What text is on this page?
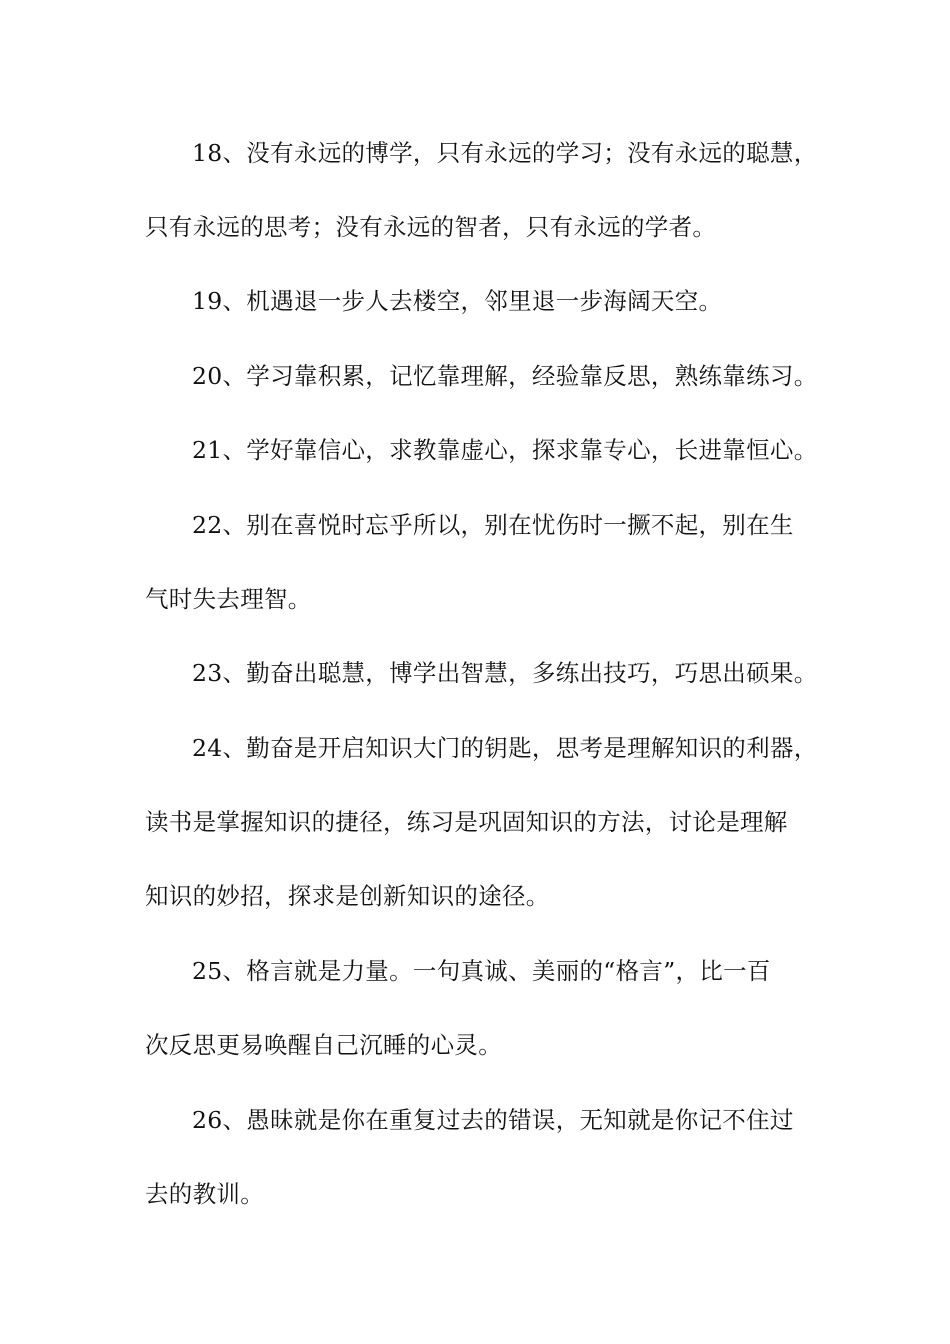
18、没有永远的博学，只有永远的学习；没有永远的聪慧，
只有永远的思考；没有永远的智者，只有永远的学者。
19、机遇退一步人去楼空，邻里退一步海阔天空。
20、学习靠积累，记忆靠理解，经验靠反思，熟练靠练习。
21、学好靠信心，求教靠虚心，探求靠专心，长进靠恒心。
22、别在喜悦时忘乎所以，别在忧伤时一撅不起，别在生
气时失去理智。
23、勤奋出聪慧，博学出智慧，多练出技巧，巧思出硕果。
24、勤奋是开启知识大门的钥匙，思考是理解知识的利器，
读书是掌握知识的捷径，练习是巩固知识的方法，讨论是理解
知识的妙招，探求是创新知识的途径。
25、格言就是力量。一句真诚、美丽的“格言”，比一百
次反思更易唤醒自己沉睡的心灵。
26、愚昧就是你在重复过去的错误，无知就是你记不住过
去的教训。
